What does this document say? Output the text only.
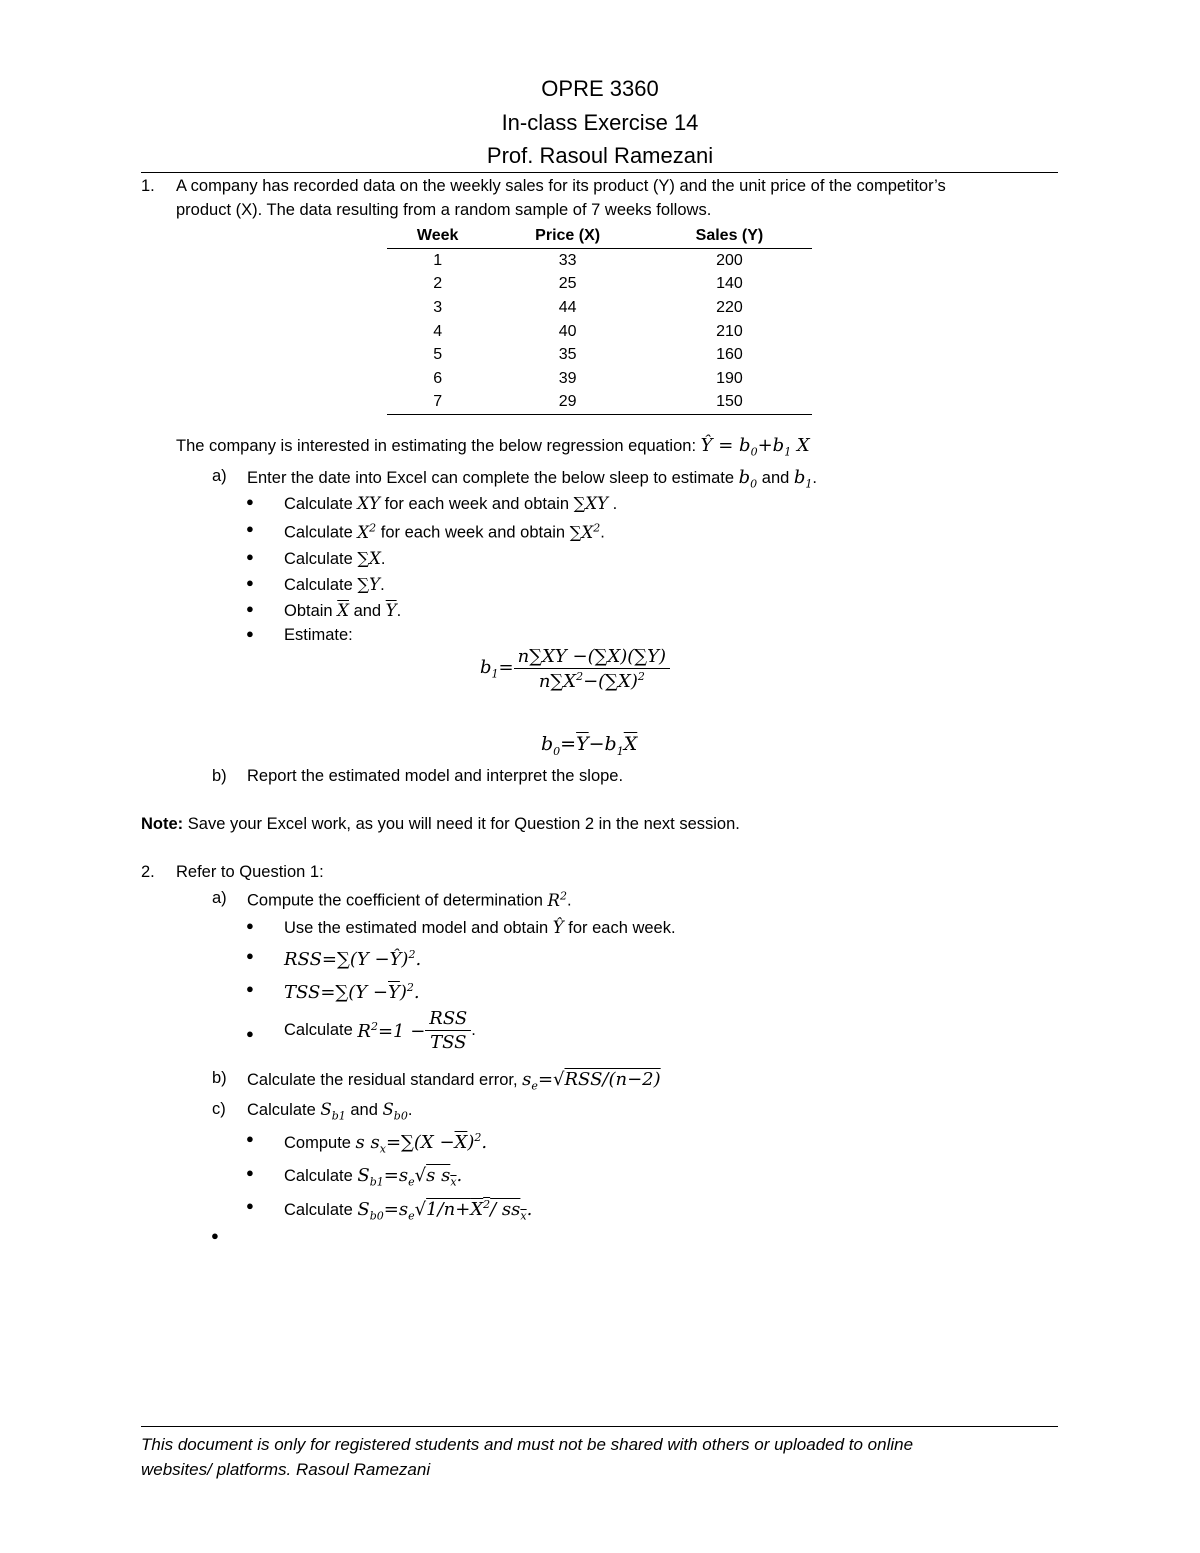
OPRE 3360
In-class Exercise 14
Prof. Rasoul Ramezani
1. A company has recorded data on the weekly sales for its product (Y) and the unit price of the competitor’s
product (X). The data resulting from a random sample of 7 weeks follows.
Week	Price (X)	Sales (Y)
1	33	200
2	25	140
3	44	220
4	40	210
5	35	160
6	39	190
7	29	150
The company is interested in estimating the below regression equation: Ŷ = $b_0+b_1$ X
a) Enter the date into Excel can complete the below sleep to estimate $b_0$ and $b_1$.
● Calculate XY for each week and obtain ∑XY .
● Calculate $X^2$ for each week and obtain $\sum X^2$.
● Calculate ∑X.
● Calculate ∑Y.
● Obtain $\overline{X}$ and $\overline{Y}$.
● Estimate:
$b_1= \frac{n\sum XY -(\sum X)(\sum Y)}{n\sum X^2-(\sum X)^2}$
$b_0=\overline{Y}-b_1\overline{X}$
b) Report the estimated model and interpret the slope.
Note: Save your Excel work, as you will need it for Question 2 in the next session.
2. Refer to Question 1:
a) Compute the coefficient of determination $R^2$.
● Use the estimated model and obtain Ŷ for each week.
● RSS=∑(Y −Ŷ)$^2$.
● $TSS=\sum(Y -\overline{Y})^2$.
● Calculate $R^2=1 - \frac{\text{RSS}}{\text{TSS}}$ .
b) Calculate the residual standard error, $s_e=√RSS/(n-2)$
c) Calculate $S_{b1}$ and $S_{b0}$.
● Compute s $s_x=\sum(X -\overline{X})^2$.
● Calculate $S_{b1}=s_e√s$ $s_x$.
● Calculate $S_{b0}=s_e√1/n+X^2/$ $ss_x$.
●
This document is only for registered students and must not be shared with others or uploaded to online
websites/ platforms. Rasoul Ramezani
